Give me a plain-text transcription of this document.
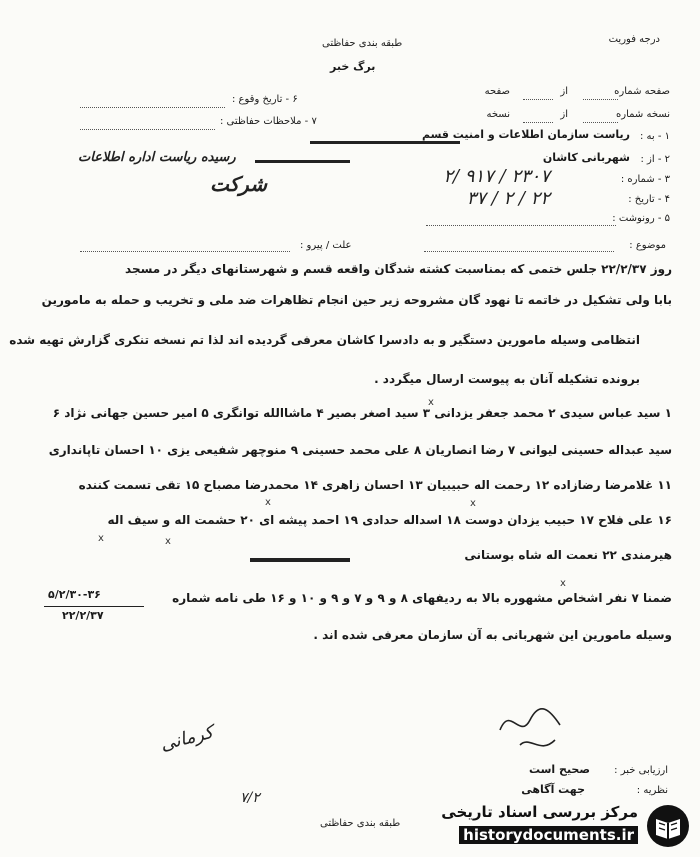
درجه فوریت
طبقه بندی حفاظتی
برگ خبر
صفحه شماره
از
صفحه
نسخه شماره
از
نسخه
۶ - تاریخ وقوع :
۷ - ملاحظات حفاظتی :
۱ - به :
ریاست سازمان اطلاعات و امنیت قسم
۲ - از :
شهربانی کاشان
رسیده ریاست اداره اطلاعات
۳ - شماره :
۲۳۰۷ / ۹۱۷ /۲
شرکت
۴ - تاریخ :
۲۲ / ۲ / ۳۷
۵ - رونوشت :
موضوع :
علت / پیرو :
روز ۲۲/۲/۳۷ جلس ختمی که بمناسبت کشته شدگان واقعه قسم و شهرستانهای دیگر در مسجد
بابا ولی تشکیل در خاتمه تا نهود گان مشروحه زیر حین انجام تظاهرات ضد ملی و تخریب و حمله به مامورین
انتظامی وسیله مامورین دستگیر و به دادسرا کاشان معرفی گردیده اند لذا تم نسخه تنکری گزارش تهیه شده
برونده تشکیله آنان به پیوست ارسال میگردد .
۱ سید عباس سیدی ۲ محمد جعفر یزدانی ۳ سید اصغر بصیر ۴ ماشاالله توانگری ۵ امیر حسین جهانی نژاد ۶
سید عبداله حسینی لیوانی ۷ رضا انصاریان ۸ علی محمد حسینی ۹ منوچهر شفیعی یزی ۱۰ احسان تاپانداری
۱۱ غلامرضا رضازاده ۱۲ رحمت اله حبیبیان ۱۳ احسان زاهری ۱۴ محمدرضا مصباح ۱۵ تقی تسمت کننده
۱۶ علی فلاح ۱۷ حبیب یزدان دوست ۱۸ اسداله حدادی ۱۹ احمد پیشه ای ۲۰ حشمت اله و سیف اله
هیرمندی ۲۲ نعمت اله شاه بوستانی
ضمنا ۷ نفر اشخاص مشهوره بالا به ردیفهای ۸ و ۹ و ۷ و ۹ و ۱۰ و ۱۶ طی نامه شماره
وسیله مامورین این شهربانی به آن سازمان معرفی شده اند .
x	x
x	x
x
x
۵/۲/۳۰-۳۶
۲۲/۲/۳۷
کرمانی
۷/۲
ارزیابی خبر :
صحیح است
نظریه :
جهت آگاهی
طبقه بندی حفاظتی
مرکز بررسی اسناد تاریخی
historydocuments.ir
